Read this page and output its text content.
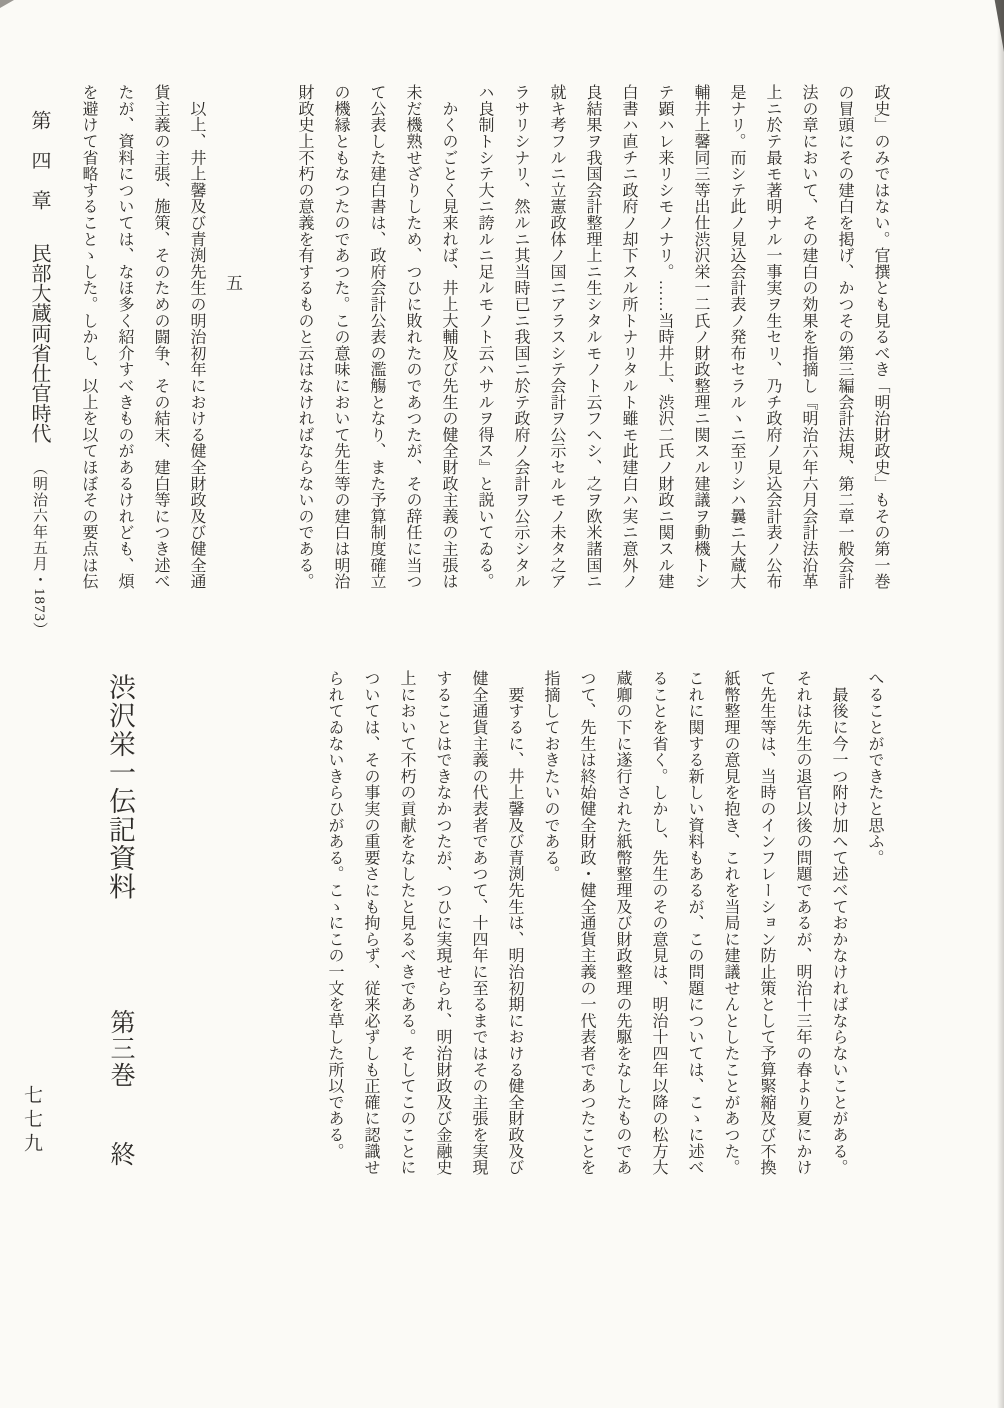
政史」のみではない。官撰とも見るべき「明治財政史」もその第一巻
の冒頭にその建白を掲げ、かつその第三編会計法規、第二章一般会計
法の章において、その建白の効果を指摘し『明治六年六月会計法沿革
上ニ於テ最モ著明ナル一事実ヲ生セリ、乃チ政府ノ見込会計表ノ公布
是ナリ。而シテ此ノ見込会計表ノ発布セラルヽニ至リシハ曩ニ大蔵大
輔井上馨同三等出仕渋沢栄一二氏ノ財政整理ニ関スル建議ヲ動機トシ
テ顕ハレ来リシモノナリ。……当時井上、渋沢二氏ノ財政ニ関スル建
白書ハ直チニ政府ノ却下スル所トナリタルト雖モ此建白ハ実ニ意外ノ
良結果ヲ我国会計整理上ニ生シタルモノト云フヘシ、之ヲ欧米諸国ニ
就キ考フルニ立憲政体ノ国ニアラスシテ会計ヲ公示セルモノ未タ之ア
ラサリシナリ、然ルニ其当時已ニ我国ニ於テ政府ノ会計ヲ公示シタル
ハ良制トシテ大ニ誇ルニ足ルモノト云ハサルヲ得ス』と説いてゐる。
　かくのごとく見来れば、井上大輔及び先生の健全財政主義の主張は
未だ機熟せざりしため、つひに敗れたのであつたが、その辞任に当つ
て公表した建白書は、政府会計公表の濫觴となり、また予算制度確立
の機縁ともなつたのであつた。この意味において先生等の建白は明治
財政史上不朽の意義を有するものと云はなければならないのである。

五
　以上、井上馨及び青渕先生の明治初年における健全財政及び健全通
貨主義の主張、施策、そのための闘争、その結末、建白等につき述べ
たが、資料については、なほ多く紹介すべきものがあるけれども、煩
を避けて省略することゝした。しかし、以上を以てほぼその要点は伝
第　四　章 民部大蔵両省仕官時代 （明治六年五月・1873）
へることができたと思ふ。
　最後に今一つ附け加へて述べておかなければならないことがある。
それは先生の退官以後の問題であるが、明治十三年の春より夏にかけ
て先生等は、当時のインフレーション防止策として予算緊縮及び不換
紙幣整理の意見を抱き、これを当局に建議せんとしたことがあつた。
これに関する新しい資料もあるが、この問題については、こゝに述べ
ることを省く。しかし、先生のその意見は、明治十四年以降の松方大
蔵卿の下に遂行された紙幣整理及び財政整理の先駆をなしたものであ
つて、先生は終始健全財政・健全通貨主義の一代表者であつたことを
指摘しておきたいのである。
　要するに、井上馨及び青渕先生は、明治初期における健全財政及び
健全通貨主義の代表者であつて、十四年に至るまではその主張を実現
することはできなかつたが、つひに実現せられ、明治財政及び金融史
上において不朽の貢献をなしたと見るべきである。そしてこのことに
ついては、その事実の重要さにも拘らず、従来必ずしも正確に認識せ
られてゐないきらひがある。こゝにこの一文を草した所以である。
渋沢栄一伝記資料 第三巻 終
七七九
